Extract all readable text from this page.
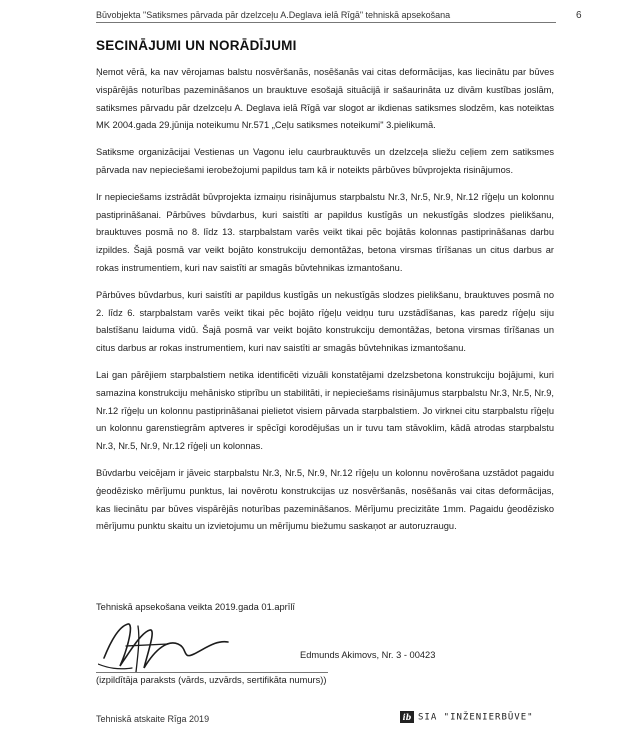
Būvobjekta "Satiksmes pārvada pār dzelzceļu A.Deglava ielā Rīgā" tehniskā apsekošana	6
SECINĀJUMI UN NORĀDĪJUMI

Ņemot vērā, ka nav vērojamas balstu nosvēršanās, nosēšanās vai citas deformācijas, kas liecinātu par būves vispārējās noturības pazemināšanos un brauktuve esošajā situācijā ir sašaurināta uz divām kustības joslām, satiksmes pārvadu pār dzelzceļu A. Deglava ielā Rīgā var slogot ar ikdienas satiksmes slodzēm, kas noteiktas MK 2004.gada 29.jūnija noteikumu Nr.571 „Ceļu satiksmes noteikumi" 3.pielikumā.

Satiksme organizācijai Vestienas un Vagonu ielu caurbrauktuvēs un dzelzceļa sliežu ceļiem zem satiksmes pārvada nav nepieciešami ierobežojumi papildus tam kā ir noteikts pārbūves būvprojekta risinājumos.

Ir nepieciešams izstrādāt būvprojekta izmaiņu risinājumus starpbalstu Nr.3, Nr.5, Nr.9, Nr.12 rīģeļu un kolonnu pastiprināšanai. Pārbūves būvdarbus, kuri saistīti ar papildus kustīgās un nekustīgās slodzes pielikšanu, brauktuves posmā no 8. līdz 13. starpbalstam varēs veikt tikai pēc bojātās kolonnas pastiprināšanas darbu izpildes. Šajā posmā var veikt bojāto konstrukciju demontāžas, betona virsmas tīrīšanas un citus darbus ar rokas instrumentiem, kuri nav saistīti ar smagās būvtehnikas izmantošanu.

Pārbūves būvdarbus, kuri saistīti ar papildus kustīgās un nekustīgās slodzes pielikšanu, brauktuves posmā no 2. līdz 6. starpbalstam varēs veikt tikai pēc bojāto rīģeļu veidņu turu uzstādīšanas, kas paredz rīģeļu siju balstīšanu laiduma vidū. Šajā posmā var veikt bojāto konstrukciju demontāžas, betona virsmas tīrīšanas un citus darbus ar rokas instrumentiem, kuri nav saistīti ar smagās būvtehnikas izmantošanu.

Lai gan pārējiem starpbalstiem netika identificēti vizuāli konstatējami dzelzsbetona konstrukciju bojājumi, kuri samazina konstrukciju mehānisko stiprību un stabilitāti, ir nepieciešams risinājumus starpbalstu Nr.3, Nr.5, Nr.9, Nr.12 rīģeļu un kolonnu pastiprināšanai pielietot visiem pārvada starpbalstiem. Jo virknei citu starpbalstu rīģeļu un kolonnu garenstiegrām aptveres ir spēcīgi korodējušas un ir tuvu tam stāvoklim, kādā atrodas starpbalstu Nr.3, Nr.5, Nr.9, Nr.12 rīģeļi un kolonnas.

Būvdarbu veicējam ir jāveic starpbalstu Nr.3, Nr.5, Nr.9, Nr.12 rīģeļu un kolonnu novērošana uzstādot pagaidu ģeodēzisko mērījumu punktus, lai novērotu konstrukcijas uz nosvēršanās, nosēšanās vai citas deformācijas, kas liecinātu par būves vispārējās noturības pazemināšanos. Mērījumu precizitāte 1mm. Pagaidu ģeodēzisko mērījumu punktu skaitu un izvietojumu un mērījumu biežumu saskaņot ar autoruzraugu.

Tehniskā apsekošana veikta 2019.gada 01.aprīlī
Edmunds Akimovs, Nr. 3 - 00423
(izpildītāja paraksts (vārds, uzvārds, sertifikāta numurs))
Tehniskā atskaite Rīga 2019	ib SIA "INŽENIERBŪVE"
